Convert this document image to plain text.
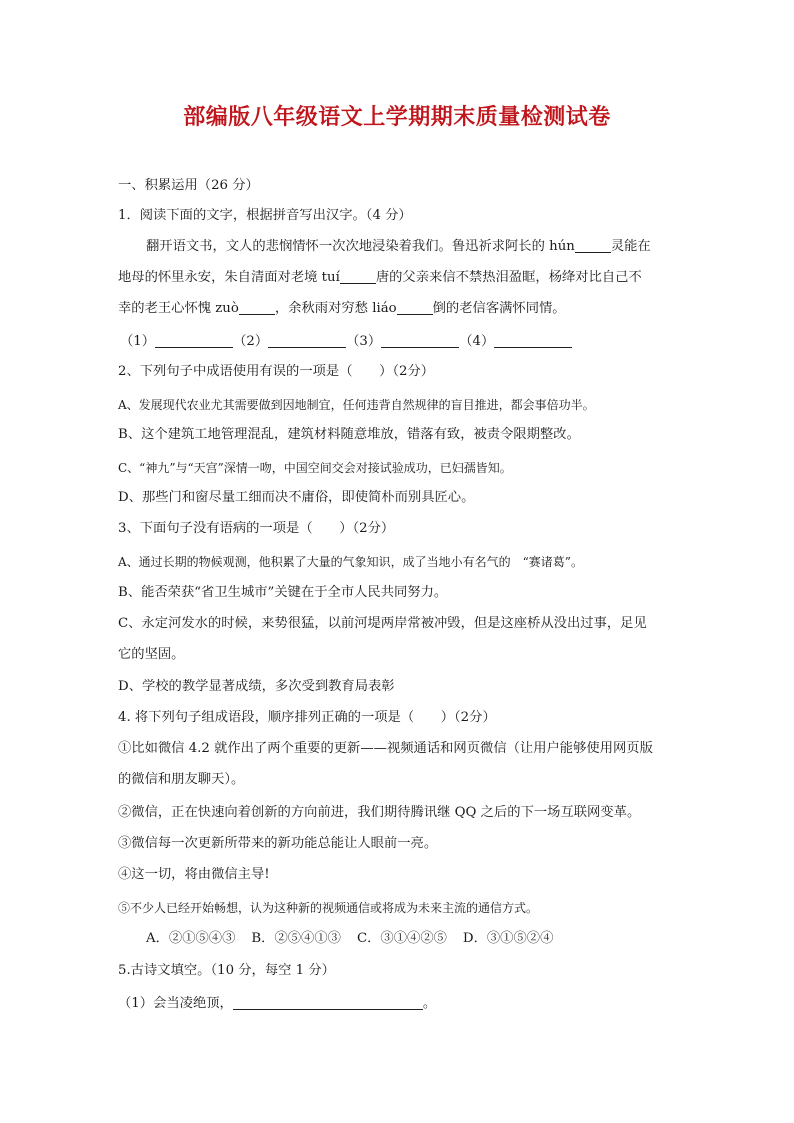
部编版八年级语文上学期期末质量检测试卷
一、积累运用（26 分）
1．阅读下面的文字，根据拼音写出汉字。（4 分）
翻开语文书，文人的悲悯情怀一次次地浸染着我们。鲁迅祈求阿长的 hún	灵能在
地母的怀里永安，朱自清面对老境 tuí	唐的父亲来信不禁热泪盈眶，杨绛对比自己不
幸的老王心怀愧 zuò	，余秋雨对穷愁 liáo	倒的老信客满怀同情。
（1）	（2）	（3）	（4）
2、下列句子中成语使用有误的一项是（　　）（2分）
A、发展现代农业尤其需要做到因地制宜，任何违背自然规律的盲目推进，都会事倍功半。
B、这个建筑工地管理混乱，建筑材料随意堆放，错落有致，被责令限期整改。
C、“神九”与“天宫”深情一吻，中国空间交会对接试验成功，已妇孺皆知。
D、那些门和窗尽量工细而决不庸俗，即使简朴而别具匠心。
3、下面句子没有语病的一项是（　　）（2分）
A、通过长期的物候观测，他积累了大量的气象知识，成了当地小有名气的　“赛诸葛”。
B、能否荣获“省卫生城市”关键在于全市人民共同努力。
C、永定河发水的时候，来势很猛，以前河堤两岸常被冲毁，但是这座桥从没出过事，足见
它的坚固。
D、学校的教学显著成绩，多次受到教育局表彰
4. 将下列句子组成语段，顺序排列正确的一项是（　　）（2分）
①比如微信 4.2 就作出了两个重要的更新——视频通话和网页微信（让用户能够使用网页版
的微信和朋友聊天）。
②微信，正在快速向着创新的方向前进，我们期待腾讯继 QQ 之后的下一场互联网变革。
③微信每一次更新所带来的新功能总能让人眼前一亮。
④这一切，将由微信主导!
⑤不少人已经开始畅想，认为这种新的视频通信或将成为未来主流的通信方式。
A．②①⑤④③ B．②⑤④①③ C．③①④②⑤ D．③①⑤②④
5.古诗文填空。（10 分，每空 1 分）
（1）会当凌绝顶，	。
